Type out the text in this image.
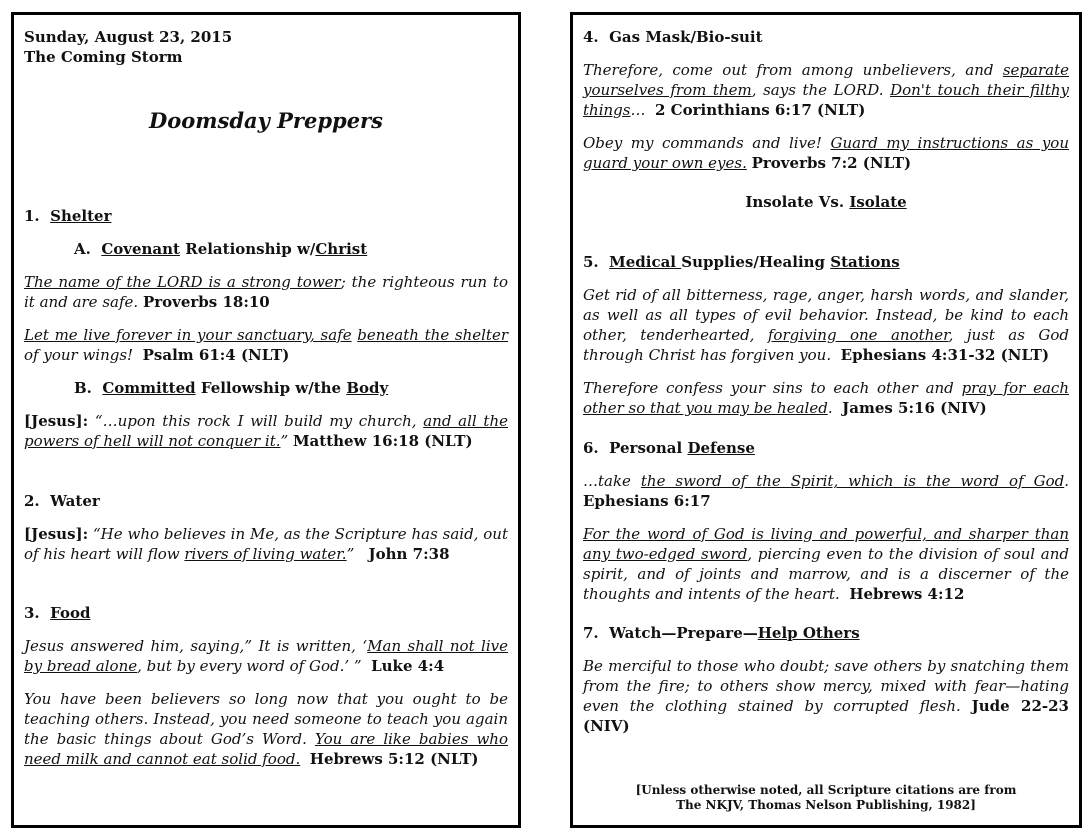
Sunday, August 23, 2015
The Coming Storm
Doomsday Preppers
1. Shelter
A. Covenant Relationship w/Christ
The name of the LORD is a strong tower; the righteous run to it and are safe. Proverbs 18:10
Let me live forever in your sanctuary, safe beneath the shelter of your wings! Psalm 61:4 (NLT)
B. Committed Fellowship w/the Body
[Jesus]: “…upon this rock I will build my church, and all the powers of hell will not conquer it.” Matthew 16:18 (NLT)
2. Water
[Jesus]: “He who believes in Me, as the Scripture has said, out of his heart will flow rivers of living water.” John 7:38
3. Food
Jesus answered him, saying,” It is written, ‘Man shall not live by bread alone, but by every word of God.’ ” Luke 4:4
You have been believers so long now that you ought to be teaching others. Instead, you need someone to teach you again the basic things about God’s Word. You are like babies who need milk and cannot eat solid food. Hebrews 5:12 (NLT)
4. Gas Mask/Bio-suit
Therefore, come out from among unbelievers, and separate yourselves from them, says the LORD. Don't touch their filthy things… 2 Corinthians 6:17 (NLT)
Obey my commands and live! Guard my instructions as you guard your own eyes. Proverbs 7:2 (NLT)
Insolate Vs. Isolate
5. Medical Supplies/Healing Stations
Get rid of all bitterness, rage, anger, harsh words, and slander, as well as all types of evil behavior. Instead, be kind to each other, tenderhearted, forgiving one another, just as God through Christ has forgiven you. Ephesians 4:31-32 (NLT)
Therefore confess your sins to each other and pray for each other so that you may be healed. James 5:16 (NIV)
6. Personal Defense
…take the sword of the Spirit, which is the word of God. Ephesians 6:17
For the word of God is living and powerful, and sharper than any two-edged sword, piercing even to the division of soul and spirit, and of joints and marrow, and is a discerner of the thoughts and intents of the heart. Hebrews 4:12
7. Watch—Prepare—Help Others
Be merciful to those who doubt; save others by snatching them from the fire; to others show mercy, mixed with fear—hating even the clothing stained by corrupted flesh. Jude 22-23 (NIV)
[Unless otherwise noted, all Scripture citations are from
The NKJV, Thomas Nelson Publishing, 1982]
